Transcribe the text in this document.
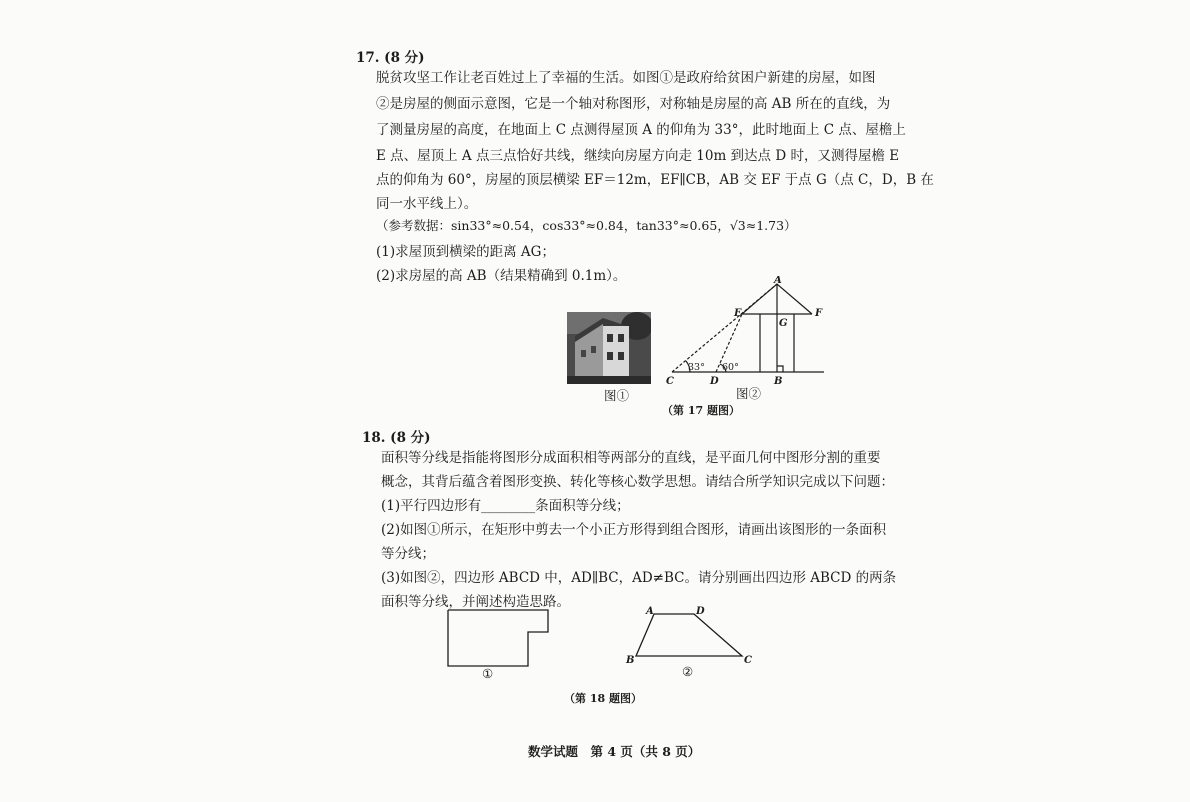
17. (8 分)
脱贫攻坚工作让老百姓过上了幸福的生活。如图①是政府给贫困户新建的房屋，如图
②是房屋的侧面示意图，它是一个轴对称图形，对称轴是房屋的高 AB 所在的直线，为
了测量房屋的高度，在地面上 C 点测得屋顶 A 的仰角为 33°，此时地面上 C 点、屋檐上
E 点、屋顶上 A 点三点恰好共线，继续向房屋方向走 10m 到达点 D 时，又测得屋檐 E
点的仰角为 60°，房屋的顶层横梁 EF＝12m，EF∥CB，AB 交 EF 于点 G（点 C，D，B 在
同一水平线上）。
（参考数据：sin33°≈0.54，cos33°≈0.84，tan33°≈0.65，√3≈1.73）
(1)求屋顶到横梁的距离 AG；
(2)求房屋的高 AB（结果精确到 0.1m）。
图①
A
E	F
G
C	D	B
33° 60°
图②
（第 17 题图）
18. (8 分)
面积等分线是指能将图形分成面积相等两部分的直线，是平面几何中图形分割的重要
概念，其背后蕴含着图形变换、转化等核心数学思想。请结合所学知识完成以下问题：
(1)平行四边形有________条面积等分线；
(2)如图①所示，在矩形中剪去一个小正方形得到组合图形，请画出该图形的一条面积
等分线；
(3)如图②，四边形 ABCD 中，AD∥BC，AD≠BC。请分别画出四边形 ABCD 的两条
面积等分线，并阐述构造思路。
①
A	D
B	C
②
（第 18 题图）
数学试题　第 4 页（共 8 页）
